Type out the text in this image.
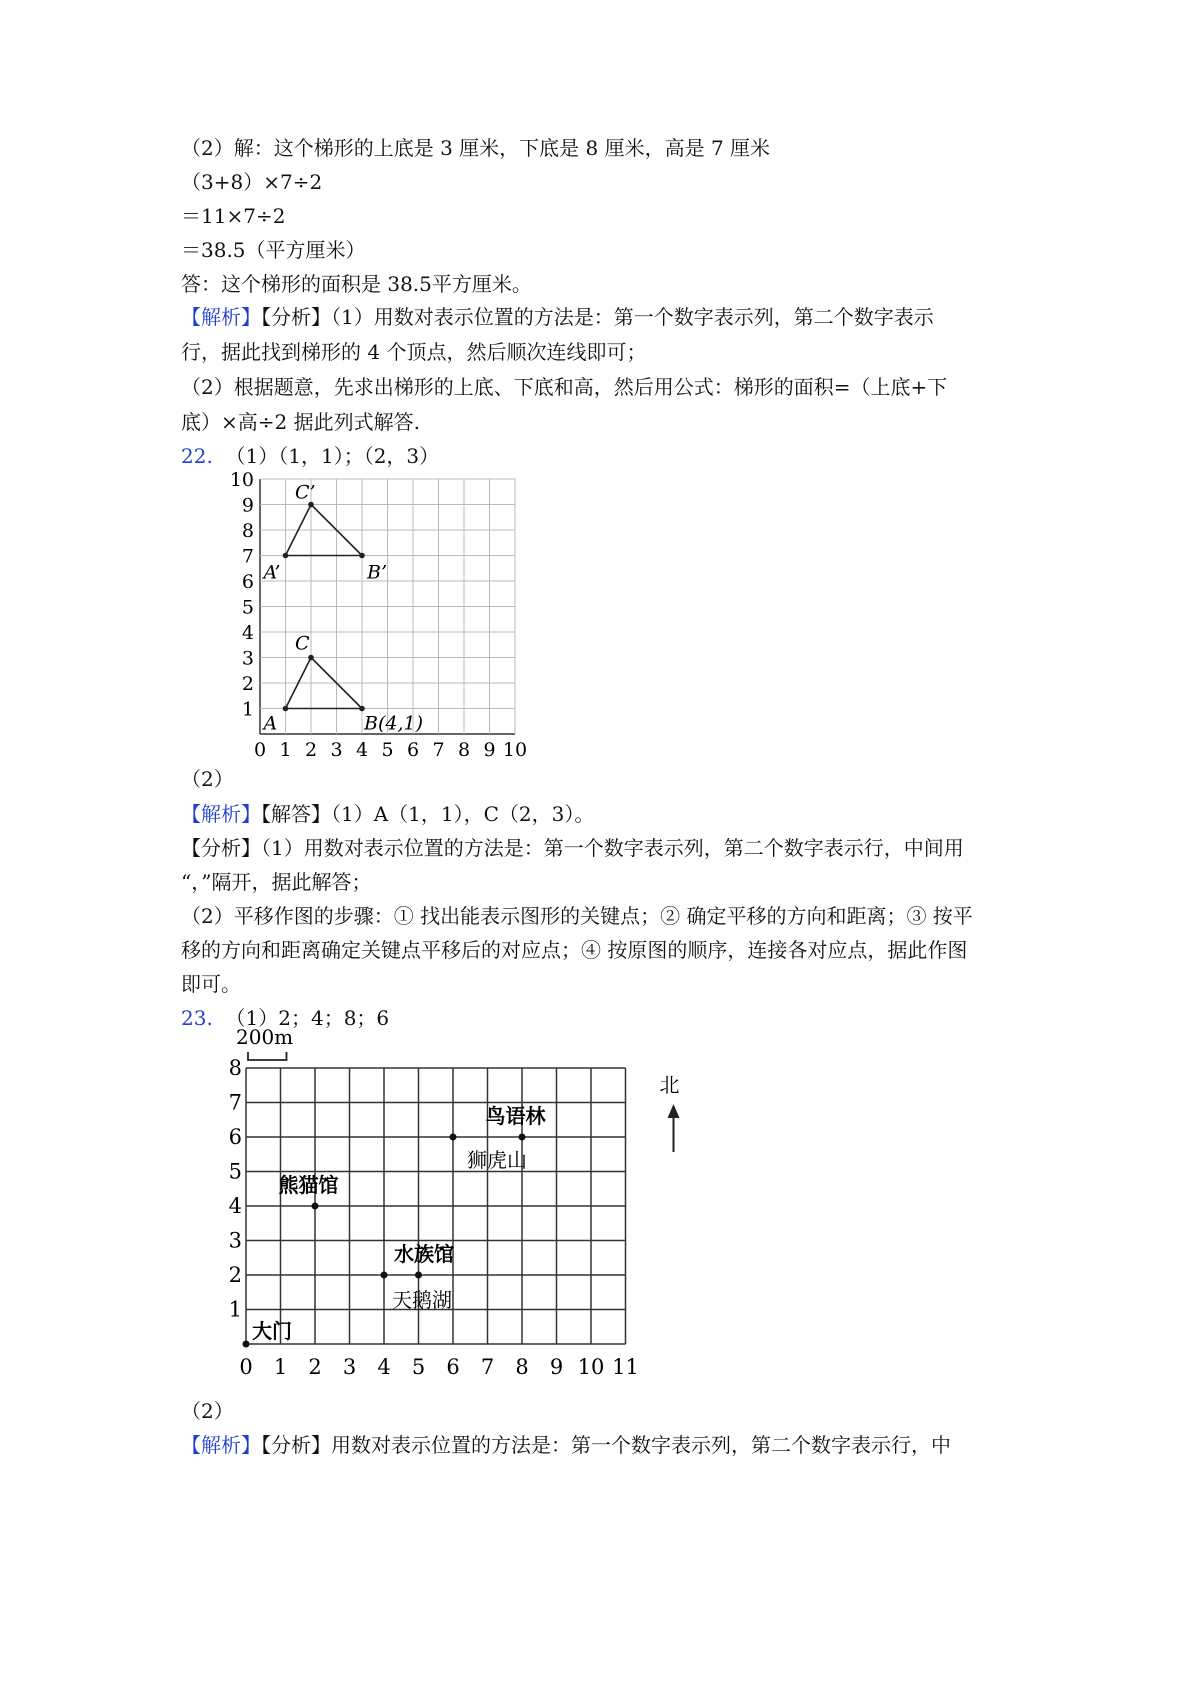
（2）解：这个梯形的上底是 3 厘米，下底是 8 厘米，高是 7 厘米
（3+8）×7÷2
＝11×7÷2
＝38.5（平方厘米）
答：这个梯形的面积是 38.5平方厘米。
【解析】【分析】（1）用数对表示位置的方法是：第一个数字表示列，第二个数字表示
行，据此找到梯形的 4 个顶点，然后顺次连线即可；
（2）根据题意，先求出梯形的上底、下底和高，然后用公式：梯形的面积=（上底+下
底）×高÷2 据此列式解答.
22. （1）（1，1）；（2，3）
0 1 2 3 4 5 6 7 8 9 10
1
2
3
4
5
6
7
8
9
10
A	B(4,1)
C
A’	B’
C’
（2）
【解析】【解答】（1）A（1，1），C（2，3）。
【分析】（1）用数对表示位置的方法是：第一个数字表示列，第二个数字表示行，中间用
“，”隔开，据此解答；
（2）平移作图的步骤：① 找出能表示图形的关键点；② 确定平移的方向和距离；③ 按平
移的方向和距离确定关键点平移后的对应点；④ 按原图的顺序，连接各对应点，据此作图
即可。
23. （1）2；4；8；6
0 1 2 3 4 5 6 7 8 9 10 11
1
2
3
4
5
6
7
8
200m
北
鸟语林
狮虎山
熊猫馆
水族馆
天鹅湖
大门
（2）
【解析】【分析】用数对表示位置的方法是：第一个数字表示列，第二个数字表示行，中
